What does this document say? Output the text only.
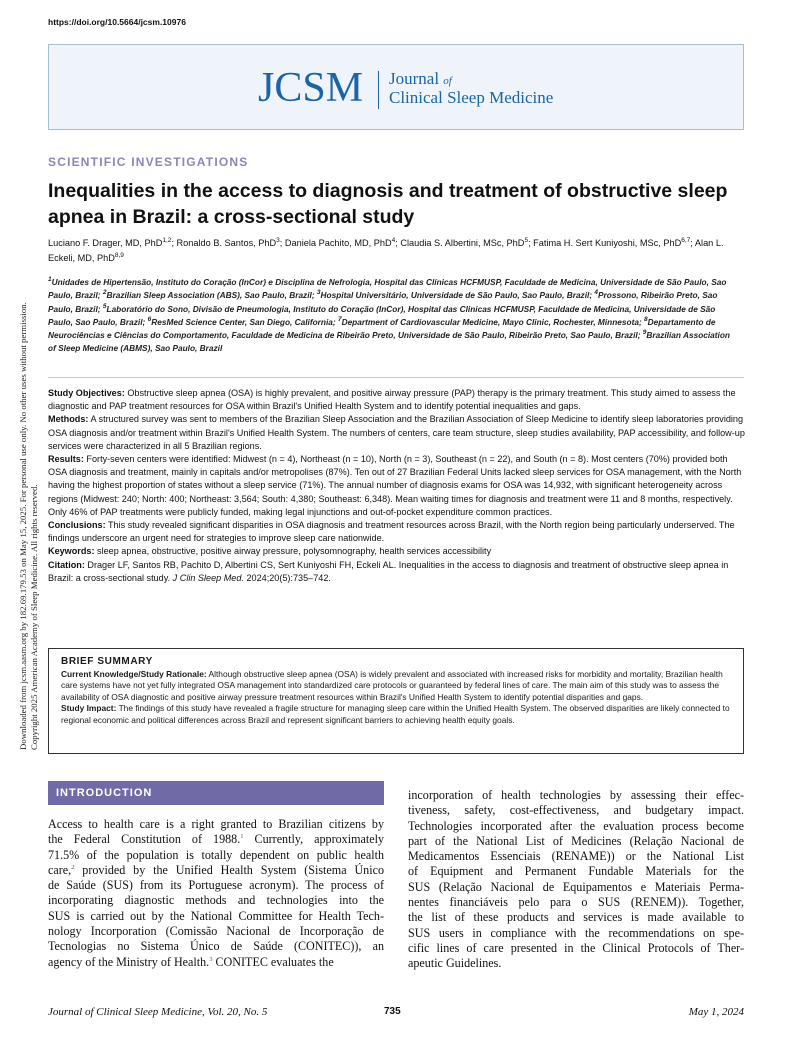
https://doi.org/10.5664/jcsm.10976
JCSM Journal of
Clinical Sleep Medicine
SCIENTIFIC INVESTIGATIONS
Inequalities in the access to diagnosis and treatment of obstructive sleep apnea in Brazil: a cross-sectional study
Luciano F. Drager, MD, PhD$^{1,2}$; Ronaldo B. Santos, PhD$^3$; Daniela Pachito, MD, PhD$^4$; Claudia S. Albertini, MSc, PhD$^5$; Fatima H. Sert Kuniyoshi, MSc, PhD$^{6,7}$; Alan L. Eckeli, MD, PhD$^{8,9}$
$^1$Unidades de Hipertensão, Instituto do Coração (InCor) e Disciplina de Nefrologia, Hospital das Clínicas HCFMUSP, Faculdade de Medicina, Universidade de São Paulo, Sao Paulo, Brazil; $^2$Brazilian Sleep Association (ABS), Sao Paulo, Brazil; $^3$Hospital Universitário, Universidade de São Paulo, Sao Paulo, Brazil; $^4$Prossono, Ribeirão Preto, Sao Paulo, Brazil; $^5$Laboratório do Sono, Divisão de Pneumologia, Instituto do Coração (InCor), Hospital das Clinicas HCFMUSP, Faculdade de Medicina, Universidade de São Paulo, Sao Paulo, Brazil; $^6$ResMed Science Center, San Diego, California; $^7$Department of Cardiovascular Medicine, Mayo Clinic, Rochester, Minnesota; $^8$Departamento de Neurociências e Ciências do Comportamento, Faculdade de Medicina de Ribeirão Preto, Universidade de São Paulo, Ribeirão Preto, Sao Paulo, Brazil; $^9$Brazilian Association of Sleep Medicine (ABMS), Sao Paulo, Brazil

Study Objectives: Obstructive sleep apnea (OSA) is highly prevalent, and positive airway pressure (PAP) therapy is the primary treatment. This study aimed to assess the diagnostic and PAP treatment resources for OSA within Brazil's Unified Health System and to identify potential inequalities and gaps.

Methods: A structured survey was sent to members of the Brazilian Sleep Association and the Brazilian Association of Sleep Medicine to identify sleep laboratories providing OSA diagnosis and/or treatment within Brazil's Unified Health System. The numbers of centers, care team structure, sleep studies availability, PAP accessibility, and follow-up services were characterized in all 5 Brazilian regions.

Results: Forty-seven centers were identified: Midwest (n = 4), Northeast (n = 10), North (n = 3), Southeast (n = 22), and South (n = 8). Most centers (70%) provided both OSA diagnosis and treatment, mainly in capitals and/or metropolises (87%). Ten out of 27 Brazilian Federal Units lacked sleep services for OSA management, with the North having the highest proportion of states without a sleep service (71%). The annual number of diagnosis exams for OSA was 14,932, with significant heterogeneity across regions (Midwest: 240; North: 400; Northeast: 3,564; South: 4,380; Southeast: 6,348). Mean waiting times for diagnosis and treatment were 11 and 8 months, respectively. Only 46% of PAP treatments were publicly funded, making legal injunctions and out-of-pocket expenditure common practices.

Conclusions: This study revealed significant disparities in OSA diagnosis and treatment resources across Brazil, with the North region being particularly underserved. The findings underscore an urgent need for strategies to improve sleep care nationwide.

Keywords: sleep apnea, obstructive, positive airway pressure, polysomnography, health services accessibility

Citation: Drager LF, Santos RB, Pachito D, Albertini CS, Sert Kuniyoshi FH, Eckeli AL. Inequalities in the access to diagnosis and treatment of obstructive sleep apnea in Brazil: a cross-sectional study. J Clin Sleep Med. 2024;20(5):735–742.

BRIEF SUMMARY

Current Knowledge/Study Rationale: Although obstructive sleep apnea (OSA) is widely prevalent and associated with increased risks for morbidity and mortality, Brazilian health care systems have not yet fully integrated OSA management into standardized care protocols or guaranteed by federal lines of care. The main aim of this study was to assess the availability of OSA diagnostic and positive airway pressure treatment resources within Brazil's Unified Health System to identify potential disparities and gaps.

Study Impact: The findings of this study have revealed a fragile structure for managing sleep care within the Unified Health System. The observed disparities are likely connected to regional economic and political differences across Brazil and represent significant barriers to achieving health equity goals.

Downloaded from jcsm.aasm.org by 182.69.179.53 on May 15, 2025. For personal use only. No other uses without permission. Copyright 2025 American Academy of Sleep Medicine. All rights reserved.
INTRODUCTION
Access to health care is a right granted to Brazilian citizens by
the Federal Constitution of 1988.$^1$ Currently, approximately
71.5% of the population is totally dependent on public health
care,$^2$ provided by the Unified Health System (Sistema Único
de Saúde (SUS) from its Portuguese acronym). The process of
incorporating diagnostic methods and technologies into the
SUS is carried out by the National Committee for Health Tech-
nology Incorporation (Comissão Nacional de Incorporação de
Tecnologias no Sistema Único de Saúde (CONITEC)), an
agency of the Ministry of Health.$^3$ CONITEC evaluates the
incorporation of health technologies by assessing their effec-
tiveness, safety, cost-effectiveness, and budgetary impact.
Technologies incorporated after the evaluation process become
part of the National List of Medicines (Relação Nacional de
Medicamentos Essenciais (RENAME)) or the National List
of Equipment and Permanent Fundable Materials for the
SUS (Relação Nacional de Equipamentos e Materiais Perma-
nentes financiáveis pelo para o SUS (RENEM)). Together,
the list of these products and services is made available to
SUS users in compliance with the recommendations on spe-
cific lines of care presented in the Clinical Protocols of Ther-
apeutic Guidelines.
Journal of Clinical Sleep Medicine, Vol. 20, No. 5	735	May 1, 2024
